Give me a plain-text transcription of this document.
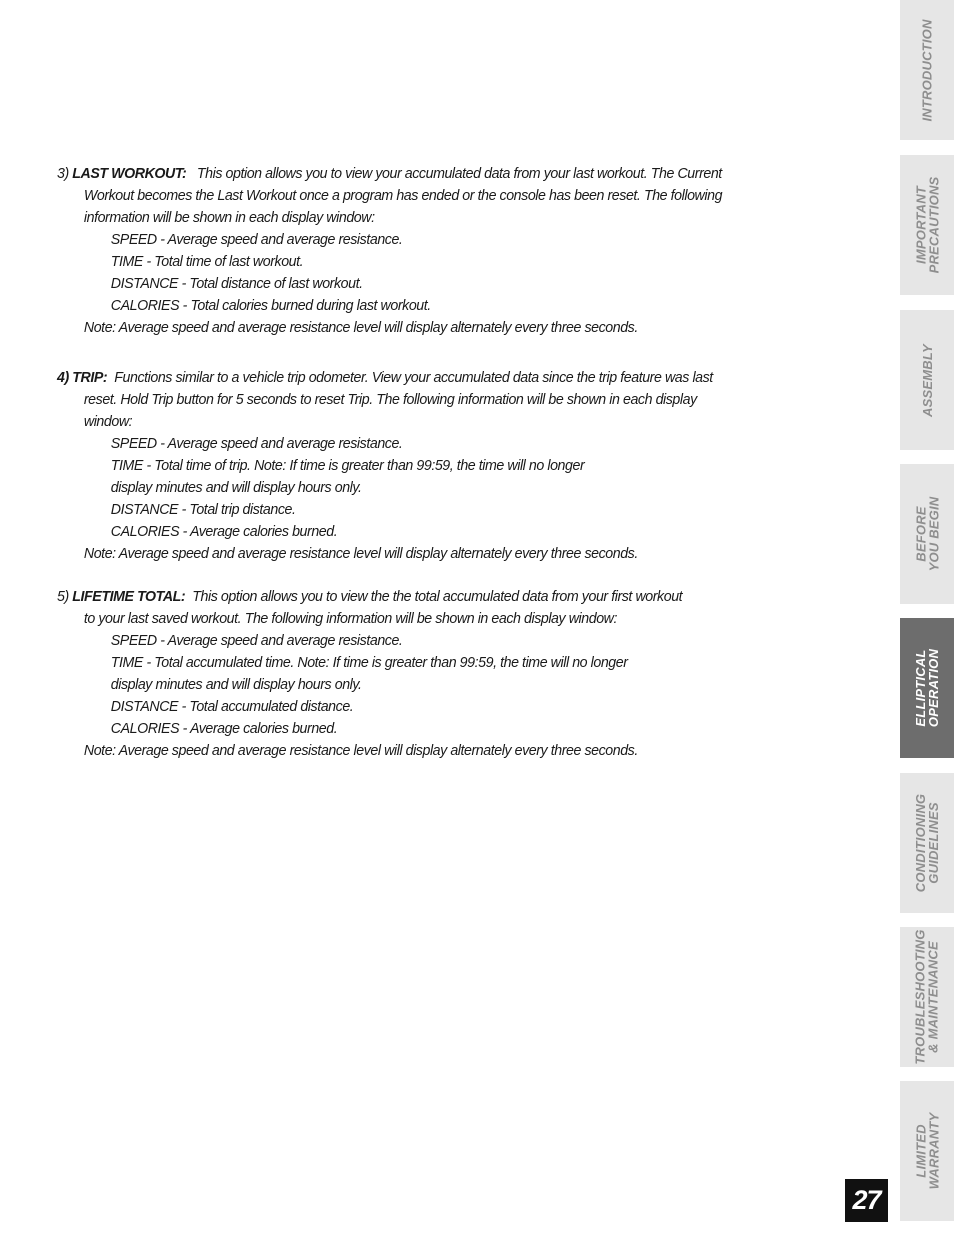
3) LAST WORKOUT: This option allows you to view your accumulated data from your last workout. The Current
Workout becomes the Last Workout once a program has ended or the console has been reset. The following
information will be shown in each display window:
SPEED - Average speed and average resistance.
TIME - Total time of last workout.
DISTANCE - Total distance of last workout.
CALORIES - Total calories burned during last workout.
Note: Average speed and average resistance level will display alternately every three seconds.
4) TRIP: Functions similar to a vehicle trip odometer. View your accumulated data since the trip feature was last
reset. Hold Trip button for 5 seconds to reset Trip. The following information will be shown in each display
window:
SPEED - Average speed and average resistance.
TIME - Total time of trip. Note: If time is greater than 99:59, the time will no longer
display minutes and will display hours only.
DISTANCE - Total trip distance.
CALORIES - Average calories burned.
Note: Average speed and average resistance level will display alternately every three seconds.
5) LIFETIME TOTAL: This option allows you to view the the total accumulated data from your first workout
to your last saved workout. The following information will be shown in each display window:
SPEED - Average speed and average resistance.
TIME - Total accumulated time. Note: If time is greater than 99:59, the time will no longer
display minutes and will display hours only.
DISTANCE - Total accumulated distance.
CALORIES - Average calories burned.
Note: Average speed and average resistance level will display alternately every three seconds.
INTRODUCTION
IMPORTANT
PRECAUTIONS
ASSEMBLY
BEFORE
YOU BEGIN
ELLIPTICAL
OPERATION
CONDITIONING
GUIDELINES
TROUBLESHOOTING
& MAINTENANCE
LIMITED
WARRANTY
27
